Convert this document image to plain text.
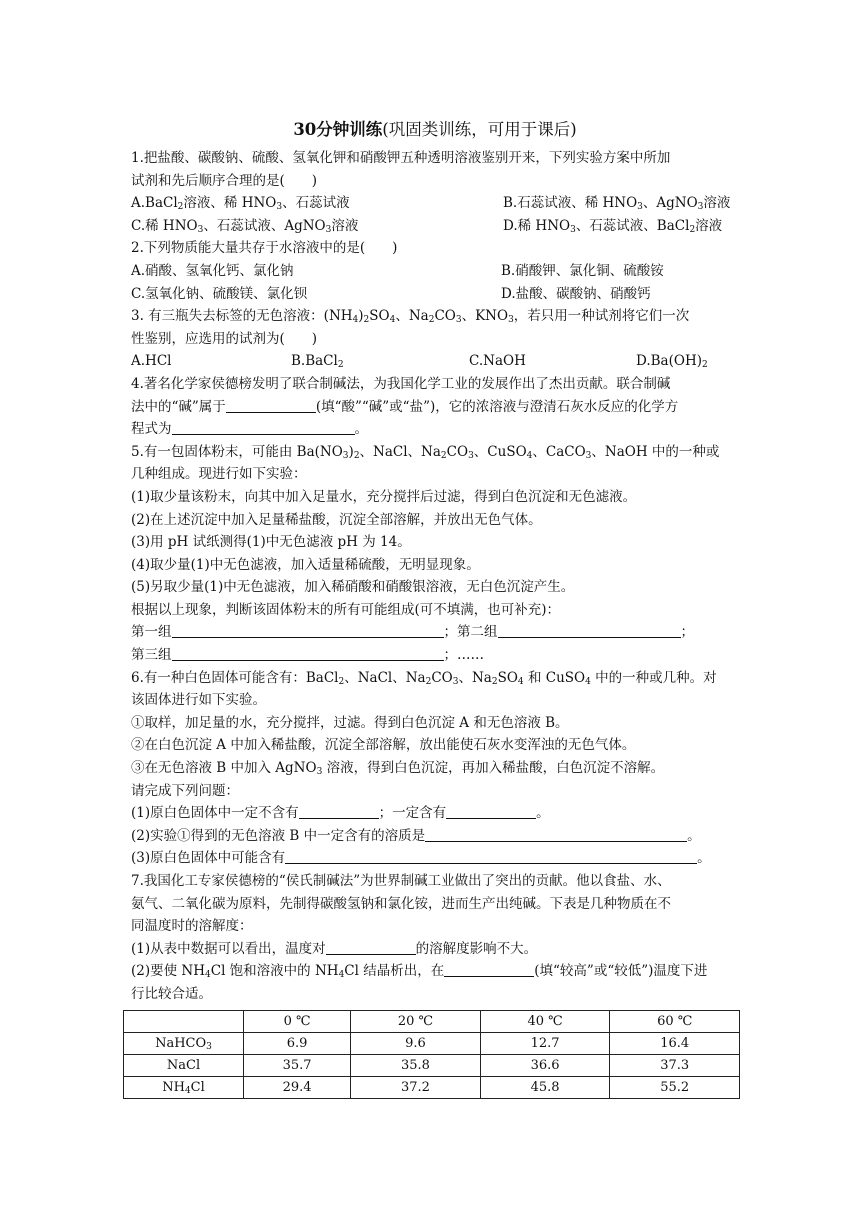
30分钟训练(巩固类训练，可用于课后)

1.把盐酸、碳酸钠、硫酸、氢氧化钾和硝酸钾五种透明溶液鉴别开来，下列实验方案中所加

试剂和先后顺序合理的是(　　)

A.BaCl$_2$溶液、稀 $HNO_3$、石蕊试液	B.石蕊试液、稀 $HNO_3$、AgNO$_3$溶液
C.稀 $HNO_3$、石蕊试液、AgNO$_3$溶液	D.稀 $HNO_3$、石蕊试液、BaCl$_2$溶液

2.下列物质能大量共存于水溶液中的是(　　)

A.硝酸、氢氧化钙、氯化钠	B.硝酸钾、氯化铜、硫酸铵
C.氢氧化钠、硫酸镁、氯化钡	D.盐酸、碳酸钠、硝酸钙

3. 有三瓶失去标签的无色溶液：$(NH_4)_2SO_4$、$Na_2CO_3$、$KNO_3$，若只用一种试剂将它们一次

性鉴别，应选用的试剂为(　　)

A.HCl	B.BaCl$_2$	C.NaOH	$D.Ba(OH)_2$

4.著名化学家侯德榜发明了联合制碱法，为我国化学工业的发展作出了杰出贡献。联合制碱

法中的“碱”属于	(填“酸”“碱”或“盐”)，它的浓溶液与澄清石灰水反应的化学方

程式为	。

5.有一包固体粉末，可能由 $Ba(NO_3)_2$、NaCl、$Na_2CO_3$、CuSO$_4$、CaCO$_3$、NaOH 中的一种或

几种组成。现进行如下实验：

(1)取少量该粉末，向其中加入足量水，充分搅拌后过滤，得到白色沉淀和无色滤液。

(2)在上述沉淀中加入足量稀盐酸，沉淀全部溶解，并放出无色气体。

(3)用 pH 试纸测得(1)中无色滤液 pH 为 14。

(4)取少量(1)中无色滤液，加入适量稀硫酸，无明显现象。

(5)另取少量(1)中无色滤液，加入稀硝酸和硝酸银溶液，无白色沉淀产生。

根据以上现象，判断该固体粉末的所有可能组成(可不填满，也可补充)：

第一组	；第二组	；

第三组	；……

6.有一种白色固体可能含有：BaCl$_2$、NaCl、$Na_2CO_3$、$Na_2SO_4$ 和 CuSO$_4$ 中的一种或几种。对

该固体进行如下实验。

①取样，加足量的水，充分搅拌，过滤。得到白色沉淀 A 和无色溶液 B。

②在白色沉淀 A 中加入稀盐酸，沉淀全部溶解，放出能使石灰水变浑浊的无色气体。

③在无色溶液 B 中加入 AgNO$_3$ 溶液，得到白色沉淀，再加入稀盐酸，白色沉淀不溶解。

请完成下列问题：

(1)原白色固体中一定不含有	；一定含有	。

(2)实验①得到的无色溶液 B 中一定含有的溶质是	。

(3)原白色固体中可能含有	。

7.我国化工专家侯德榜的“侯氏制碱法”为世界制碱工业做出了突出的贡献。他以食盐、水、

氨气、二氧化碳为原料，先制得碳酸氢钠和氯化铵，进而生产出纯碱。下表是几种物质在不

同温度时的溶解度：

(1)从表中数据可以看出，温度对	的溶解度影响不大。

(2)要使 $NH_4Cl$ 饱和溶液中的 $NH_4Cl$ 结晶析出，在	(填“较高”或“较低”)温度下进

行比较合适。

	0 ℃	20 ℃	40 ℃	60 ℃
NaHCO$_3$	6.9	9.6	12.7	16.4
NaCl	35.7	35.8	36.6	37.3
$NH_4Cl$	29.4	37.2	45.8	55.2
